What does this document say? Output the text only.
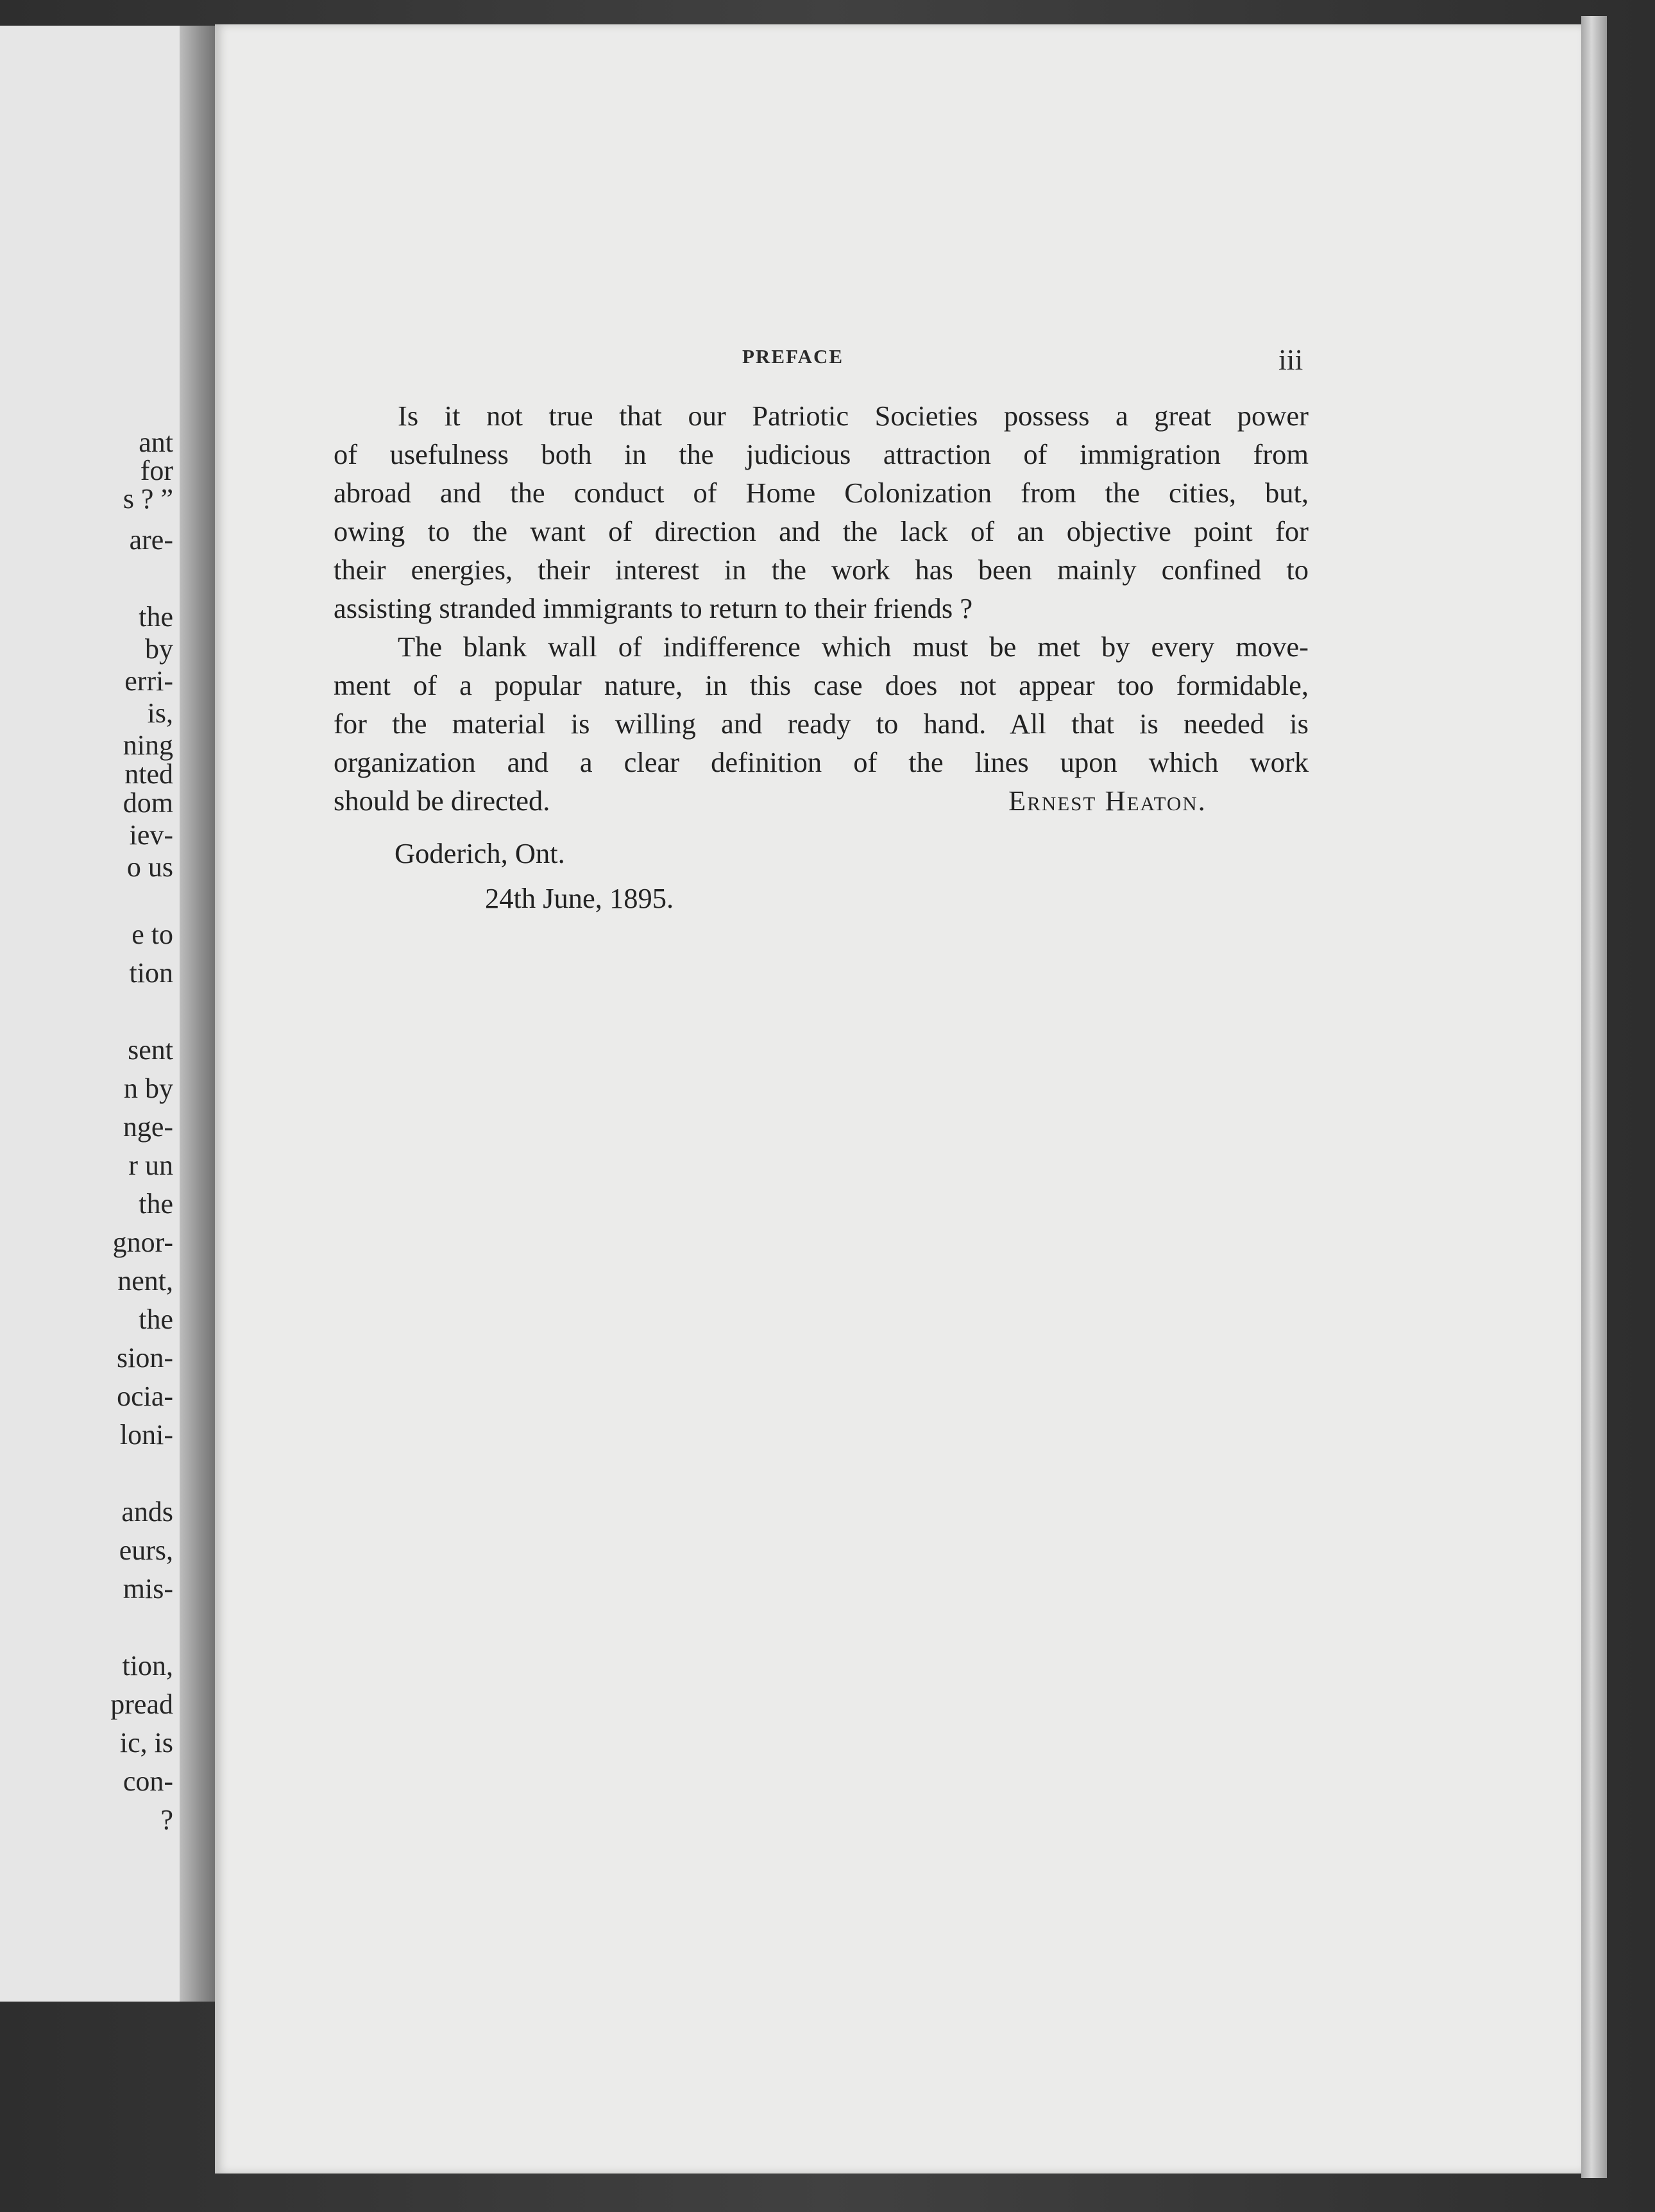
ant
for
s ? ”
are-
the
by
erri-
is,
ning
nted
dom
iev-
o us
e to
tion
sent
n by
nge-
r un
the
gnor-
nent,
the
sion-
ocia-
loni-
ands
eurs,
mis-
tion,
pread
ic, is
con-
?
PREFACE	iii

Is it not true that our Patriotic Societies possess a great power

of usefulness both in the judicious attraction of immigration from

abroad and the conduct of Home Colonization from the cities, but,

owing to the want of direction and the lack of an objective point for

their energies, their interest in the work has been mainly confined to

assisting stranded immigrants to return to their friends ?

The blank wall of indifference which must be met by every move-

ment of a popular nature, in this case does not appear too formidable,

for the material is willing and ready to hand. All that is needed is

organization and a clear definition of the lines upon which work

should be directed.	Ernest Heaton.

Goderich, Ont.

24th June, 1895.
